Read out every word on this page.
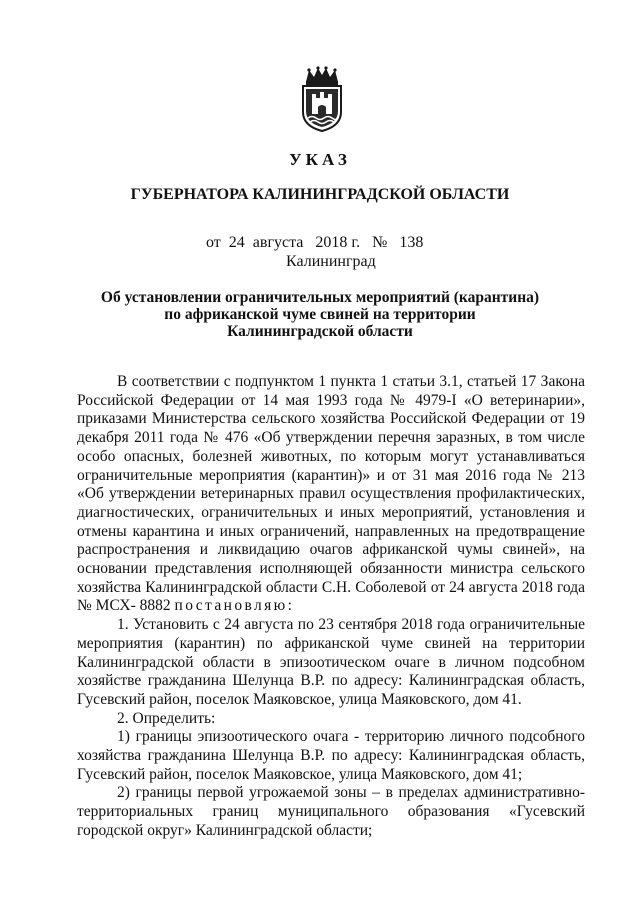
УКАЗ
ГУБЕРНАТОРА КАЛИНИНГРАДСКОЙ ОБЛАСТИ
от  24  августа   2018 г.   №   138
Калининград
Об установлении ограничительных мероприятий (карантина)
по африканской чуме свиней на территории
Калининградской области

В соответствии с подпунктом 1 пункта 1 статьи 3.1, статьей 17 Закона Российской Федерации от 14 мая 1993 года № 4979-I «О ветеринарии», приказами Министерства сельского хозяйства Российской Федерации от 19 декабря 2011 года № 476 «Об утверждении перечня заразных, в том числе особо опасных, болезней животных, по которым могут устанавливаться ограничительные мероприятия (карантин)» и от 31 мая 2016 года № 213 «Об утверждении ветеринарных правил осуществления профилактических, диагностических, ограничительных и иных мероприятий, установления и отмены карантина и иных ограничений, направленных на предотвращение распространения и ликвидацию очагов африканской чумы свиней», на основании представления исполняющей обязанности министра сельского хозяйства Калининградской области С.Н. Соболевой от 24 августа 2018 года № МСХ- 8882 постановляю:

1. Установить с 24 августа по 23 сентября 2018 года ограничительные мероприятия (карантин) по африканской чуме свиней на территории Калининградской области в эпизоотическом очаге в личном подсобном хозяйстве гражданина Шелунца В.Р. по адресу: Калининградская область, Гусевский район, поселок Маяковское, улица Маяковского, дом 41.

2. Определить:

1) границы эпизоотического очага - территорию личного подсобного хозяйства гражданина Шелунца В.Р. по адресу: Калининградская область, Гусевский район, поселок Маяковское, улица Маяковского, дом 41;

2) границы первой угрожаемой зоны – в пределах административно-территориальных границ муниципального образования «Гусевский городской округ» Калининградской области;
